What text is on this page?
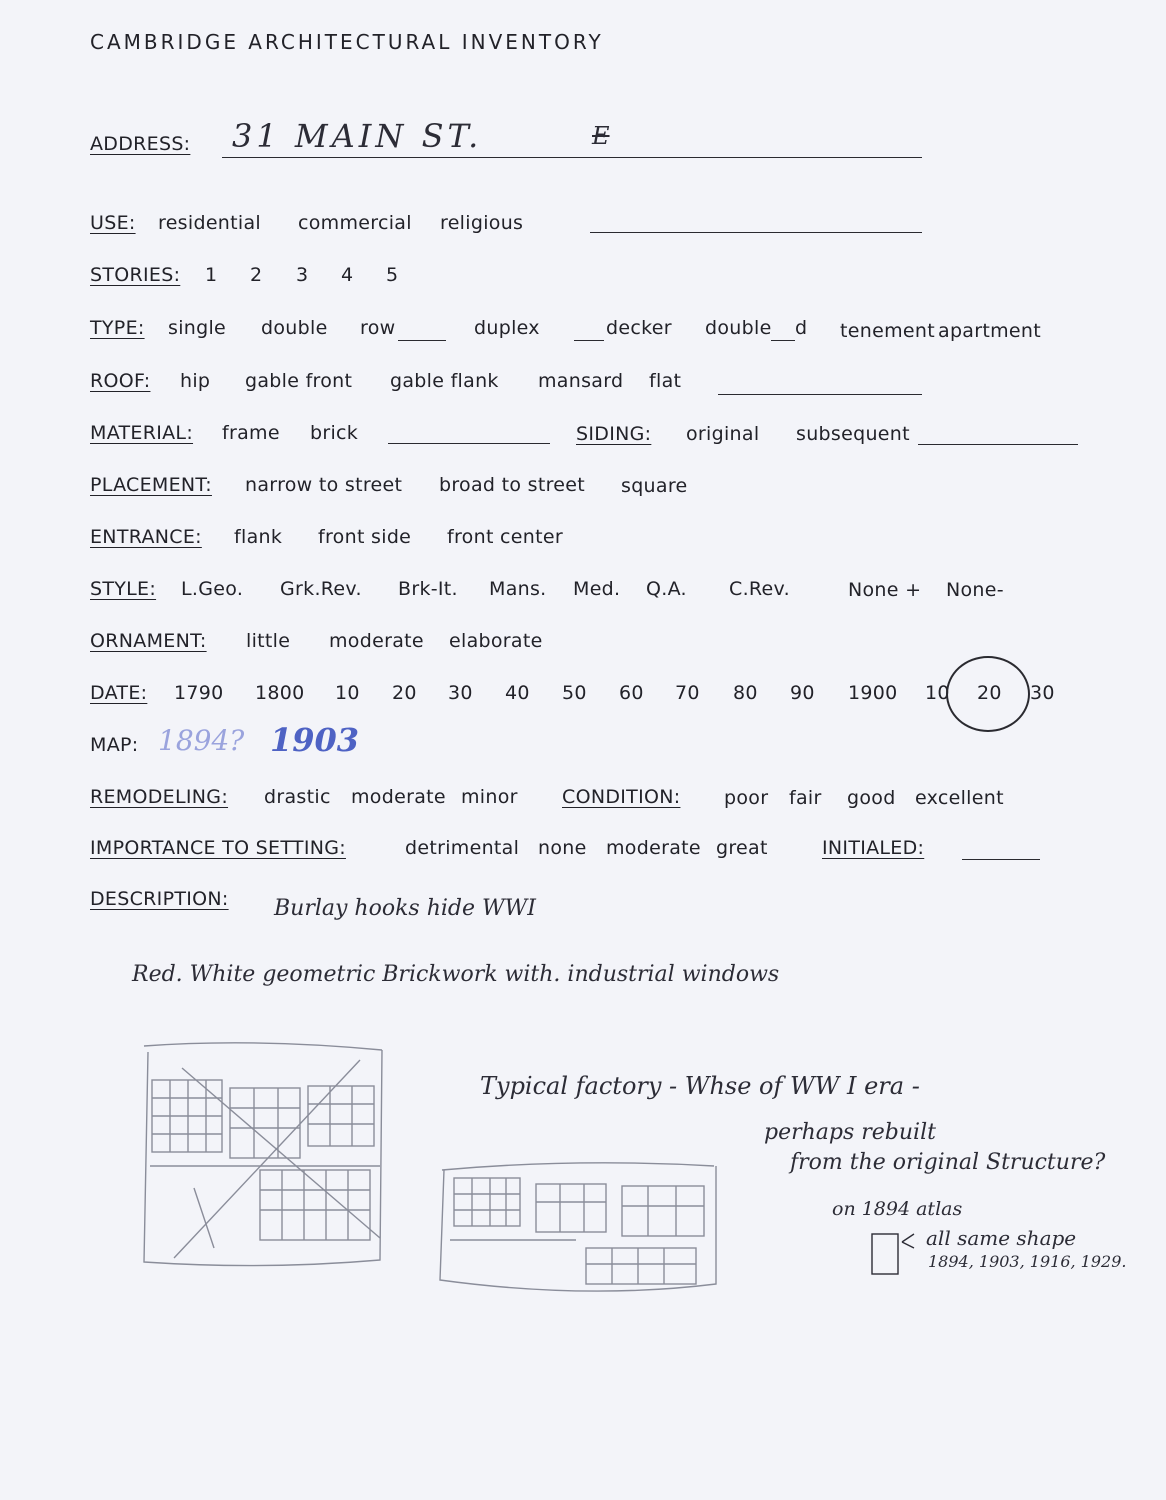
CAMBRIDGE ARCHITECTURAL INVENTORY
ADDRESS: 31 MAIN ST.	E
USE: residential commercial religious
STORIES: 1 2 3 4 5
TYPE: single double row	duplex	decker double d tenement apartment
ROOF: hip gable front gable flank mansard flat
MATERIAL: frame brick	SIDING: original subsequent
PLACEMENT: narrow to street broad to street square
ENTRANCE: flank front side front center
STYLE: L.Geo. Grk.Rev. Brk-It. Mans. Med. Q.A. C.Rev.	None + None-
ORNAMENT: little moderate elaborate
DATE: 1790 1800 10 20 30 40 50 60 70 80 90 1900 10 20 30
MAP: 1894? 1903
REMODELING: drastic moderate minor CONDITION: poor fair good excellent
IMPORTANCE TO SETTING:	detrimental none moderate great	INITIALED:
DESCRIPTION: Burlay hooks hide WWI
Red. White geometric Brickwork with. industrial windows
Typical factory - Whse of WW I era -
perhaps rebuilt
from the original Structure?
on 1894 atlas
all same shape
1894, 1903, 1916, 1929.
